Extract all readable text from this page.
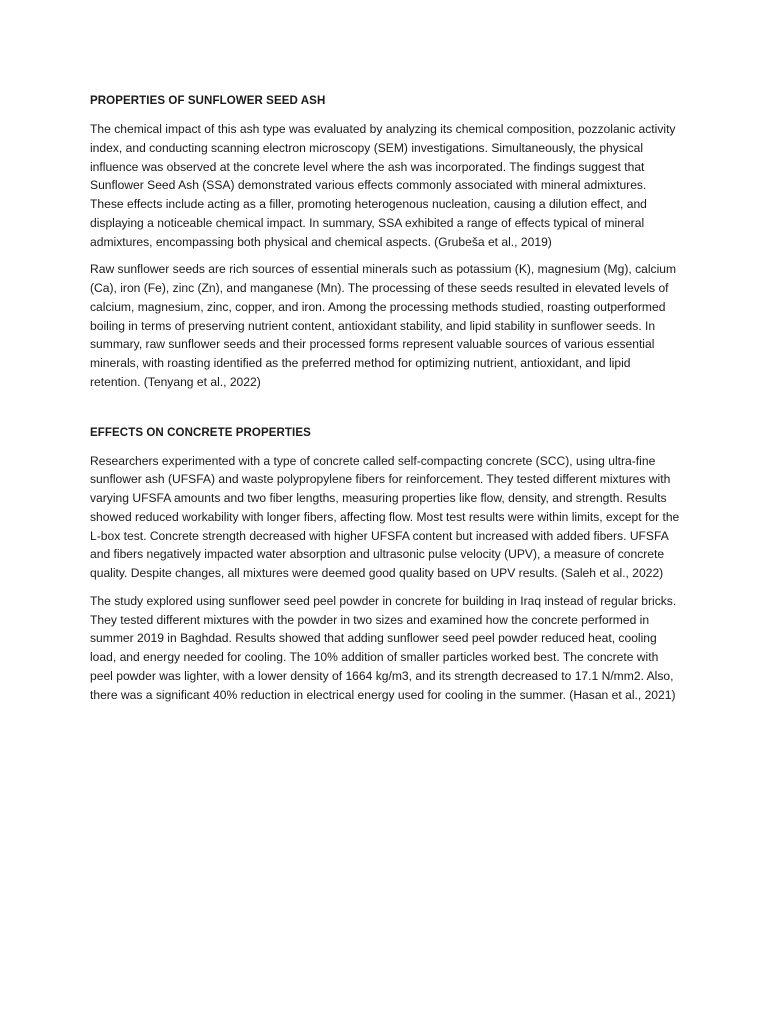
PROPERTIES OF SUNFLOWER SEED ASH

The chemical impact of this ash type was evaluated by analyzing its chemical composition, pozzolanic activity index, and conducting scanning electron microscopy (SEM) investigations. Simultaneously, the physical influence was observed at the concrete level where the ash was incorporated. The findings suggest that Sunflower Seed Ash (SSA) demonstrated various effects commonly associated with mineral admixtures. These effects include acting as a filler, promoting heterogenous nucleation, causing a dilution effect, and displaying a noticeable chemical impact. In summary, SSA exhibited a range of effects typical of mineral admixtures, encompassing both physical and chemical aspects. (Grubeša et al., 2019)

Raw sunflower seeds are rich sources of essential minerals such as potassium (K), magnesium (Mg), calcium (Ca), iron (Fe), zinc (Zn), and manganese (Mn). The processing of these seeds resulted in elevated levels of calcium, magnesium, zinc, copper, and iron. Among the processing methods studied, roasting outperformed boiling in terms of preserving nutrient content, antioxidant stability, and lipid stability in sunflower seeds. In summary, raw sunflower seeds and their processed forms represent valuable sources of various essential minerals, with roasting identified as the preferred method for optimizing nutrient, antioxidant, and lipid retention. (Tenyang et al., 2022)

EFFECTS ON CONCRETE PROPERTIES

Researchers experimented with a type of concrete called self-compacting concrete (SCC), using ultra-fine sunflower ash (UFSFA) and waste polypropylene fibers for reinforcement. They tested different mixtures with varying UFSFA amounts and two fiber lengths, measuring properties like flow, density, and strength. Results showed reduced workability with longer fibers, affecting flow. Most test results were within limits, except for the L-box test. Concrete strength decreased with higher UFSFA content but increased with added fibers. UFSFA and fibers negatively impacted water absorption and ultrasonic pulse velocity (UPV), a measure of concrete quality. Despite changes, all mixtures were deemed good quality based on UPV results. (Saleh et al., 2022)

The study explored using sunflower seed peel powder in concrete for building in Iraq instead of regular bricks. They tested different mixtures with the powder in two sizes and examined how the concrete performed in summer 2019 in Baghdad. Results showed that adding sunflower seed peel powder reduced heat, cooling load, and energy needed for cooling. The 10% addition of smaller particles worked best. The concrete with peel powder was lighter, with a lower density of 1664 kg/m3, and its strength decreased to 17.1 N/mm2. Also, there was a significant 40% reduction in electrical energy used for cooling in the summer. (Hasan et al., 2021)
